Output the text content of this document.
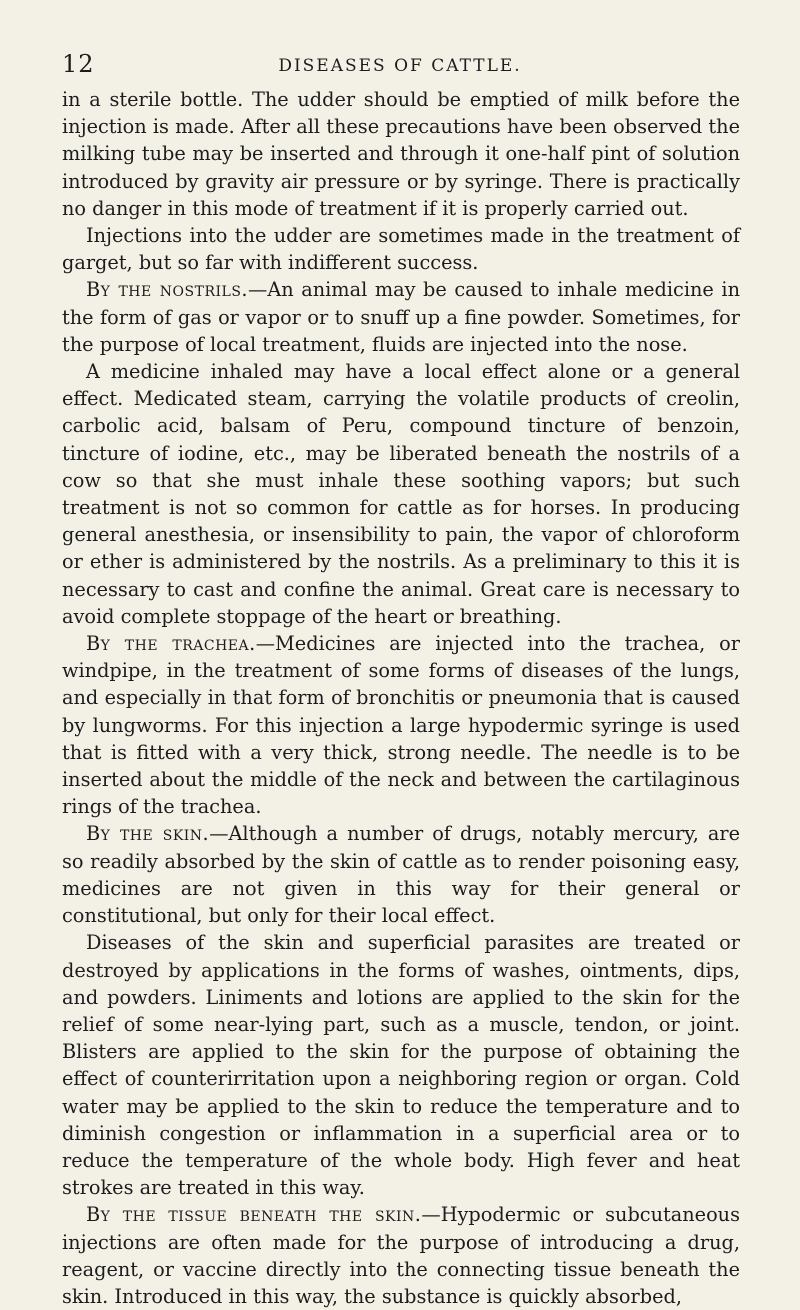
12	DISEASES OF CATTLE.

in a sterile bottle. The udder should be emptied of milk before the injection is made. After all these precautions have been observed the milking tube may be inserted and through it one-half pint of solution introduced by gravity air pressure or by syringe. There is practically no danger in this mode of treatment if it is properly carried out.

Injections into the udder are sometimes made in the treatment of garget, but so far with indifferent success.

By the nostrils.—An animal may be caused to inhale medicine in the form of gas or vapor or to snuff up a fine powder. Sometimes, for the purpose of local treatment, fluids are injected into the nose.

A medicine inhaled may have a local effect alone or a general effect. Medicated steam, carrying the volatile products of creolin, carbolic acid, balsam of Peru, compound tincture of benzoin, tincture of iodine, etc., may be liberated beneath the nostrils of a cow so that she must inhale these soothing vapors; but such treatment is not so common for cattle as for horses. In producing general anesthesia, or insensibility to pain, the vapor of chloroform or ether is administered by the nostrils. As a preliminary to this it is necessary to cast and confine the animal. Great care is necessary to avoid complete stoppage of the heart or breathing.

By the trachea.—Medicines are injected into the trachea, or windpipe, in the treatment of some forms of diseases of the lungs, and especially in that form of bronchitis or pneumonia that is caused by lungworms. For this injection a large hypodermic syringe is used that is fitted with a very thick, strong needle. The needle is to be inserted about the middle of the neck and between the cartilaginous rings of the trachea.

By the skin.—Although a number of drugs, notably mercury, are so readily absorbed by the skin of cattle as to render poisoning easy, medicines are not given in this way for their general or constitutional, but only for their local effect.

Diseases of the skin and superficial parasites are treated or destroyed by applications in the forms of washes, ointments, dips, and powders. Liniments and lotions are applied to the skin for the relief of some near-lying part, such as a muscle, tendon, or joint. Blisters are applied to the skin for the purpose of obtaining the effect of counterirritation upon a neighboring region or organ. Cold water may be applied to the skin to reduce the temperature and to diminish congestion or inflammation in a superficial area or to reduce the temperature of the whole body. High fever and heat strokes are treated in this way.

By the tissue beneath the skin.—Hypodermic or subcutaneous injections are often made for the purpose of introducing a drug, reagent, or vaccine directly into the connecting tissue beneath the skin. Introduced in this way, the substance is quickly absorbed,
